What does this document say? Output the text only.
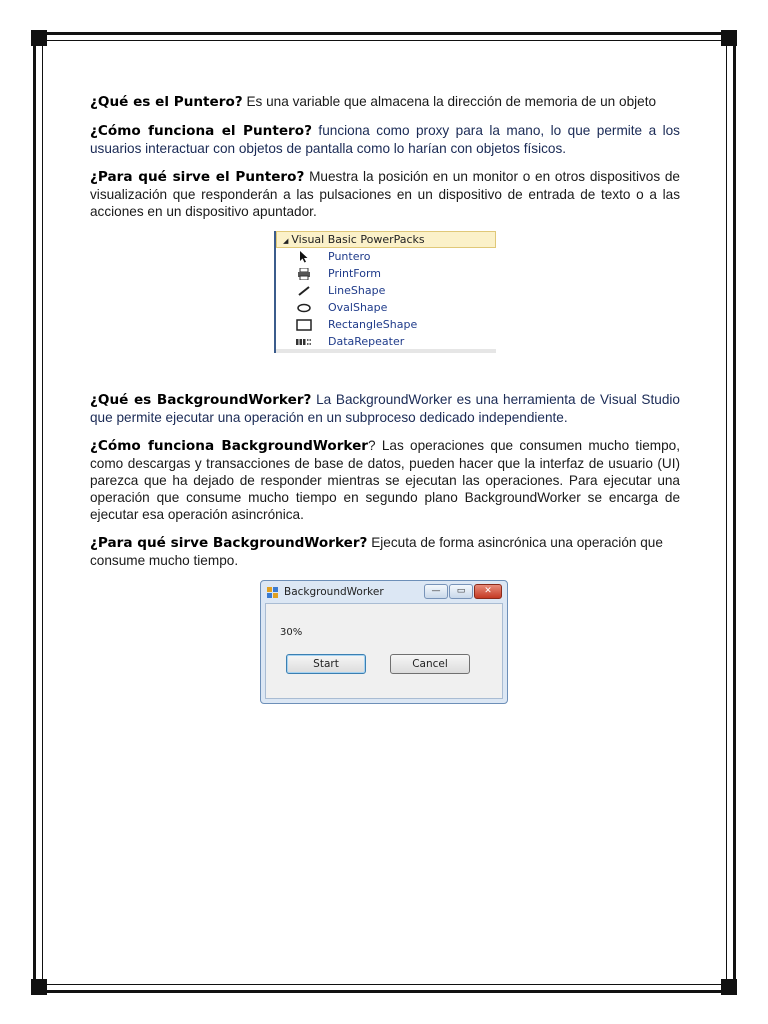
¿Qué es el Puntero? Es una variable que almacena la dirección de memoria de un objeto

¿Cómo funciona el Puntero? funciona como proxy para la mano, lo que permite a los usuarios interactuar con objetos de pantalla como lo harían con objetos físicos.

¿Para qué sirve el Puntero? Muestra la posición en un monitor o en otros dispositivos de visualización que responderán a las pulsaciones en un dispositivo de entrada de texto o a las acciones en un dispositivo apuntador.

◢ Visual Basic PowerPacks
Puntero
PrintForm
LineShape
OvalShape
RectangleShape
DataRepeater

¿Qué es BackgroundWorker? La BackgroundWorker es una herramienta de Visual Studio que permite ejecutar una operación en un subproceso dedicado independiente.

¿Cómo funciona BackgroundWorker? Las operaciones que consumen mucho tiempo, como descargas y transacciones de base de datos, pueden hacer que la interfaz de usuario (UI) parezca que ha dejado de responder mientras se ejecutan las operaciones. Para ejecutar una operación que consume mucho tiempo en segundo plano BackgroundWorker se encarga de ejecutar esa operación asincrónica.

¿Para qué sirve BackgroundWorker? Ejecuta de forma asincrónica una operación que consume mucho tiempo.

BackgroundWorker	—	▭	✕
30%
Start	Cancel
